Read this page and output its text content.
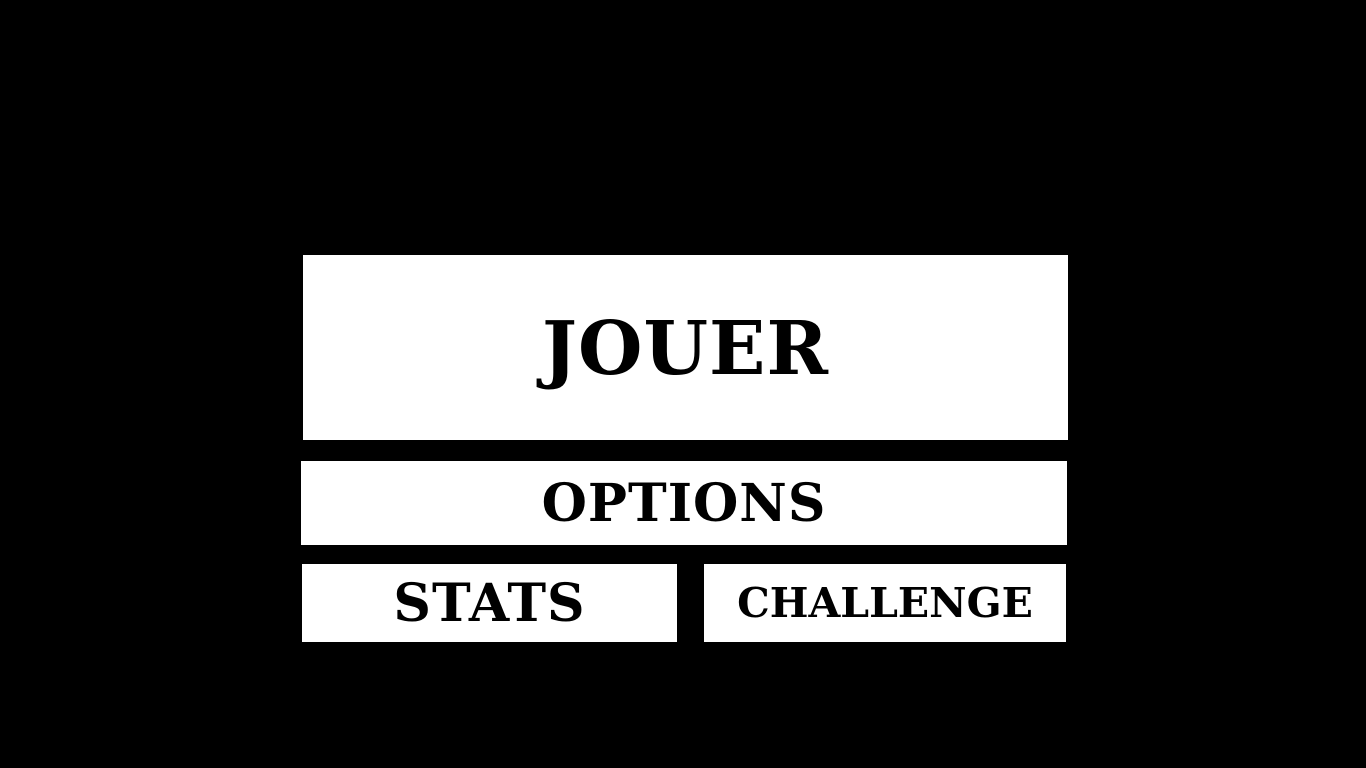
JOUER
OPTIONS
STATS	CHALLENGE
